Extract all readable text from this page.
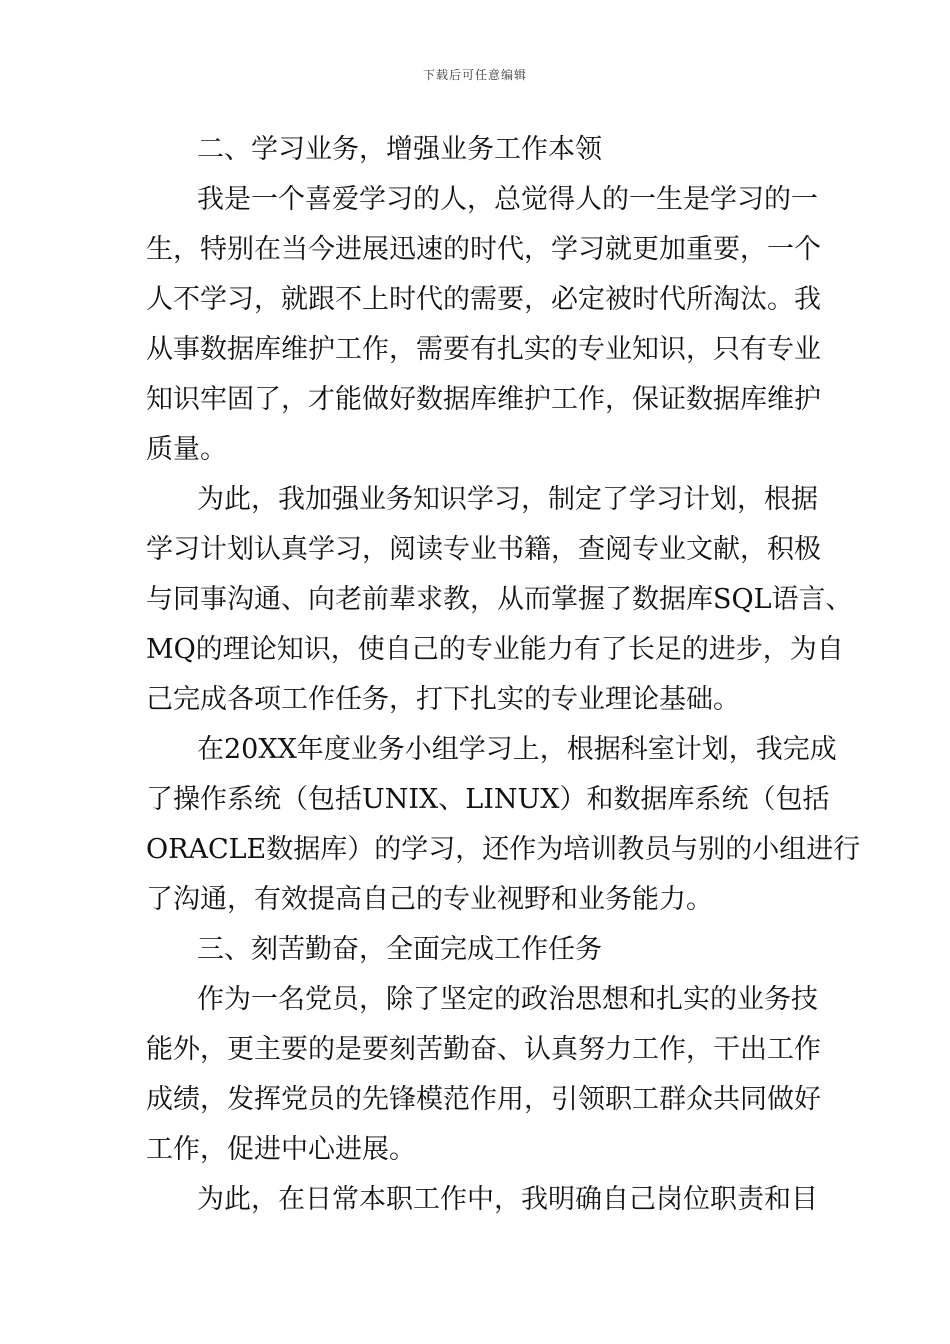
下载后可任意编辑
二、学习业务，增强业务工作本领
我是一个喜爱学习的人，总觉得人的一生是学习的一
生，特别在当今进展迅速的时代，学习就更加重要，一个
人不学习，就跟不上时代的需要，必定被时代所淘汰。我
从事数据库维护工作，需要有扎实的专业知识，只有专业
知识牢固了，才能做好数据库维护工作，保证数据库维护
质量。
为此，我加强业务知识学习，制定了学习计划，根据
学习计划认真学习，阅读专业书籍，查阅专业文献，积极
与同事沟通、向老前辈求教，从而掌握了数据库SQL语言、
MQ的理论知识，使自己的专业能力有了长足的进步，为自
己完成各项工作任务，打下扎实的专业理论基础。
在20XX年度业务小组学习上，根据科室计划，我完成
了操作系统（包括UNIX、LINUX）和数据库系统（包括
ORACLE数据库）的学习，还作为培训教员与别的小组进行
了沟通，有效提高自己的专业视野和业务能力。
三、刻苦勤奋，全面完成工作任务
作为一名党员，除了坚定的政治思想和扎实的业务技
能外，更主要的是要刻苦勤奋、认真努力工作，干出工作
成绩，发挥党员的先锋模范作用，引领职工群众共同做好
工作，促进中心进展。
为此，在日常本职工作中，我明确自己岗位职责和目
